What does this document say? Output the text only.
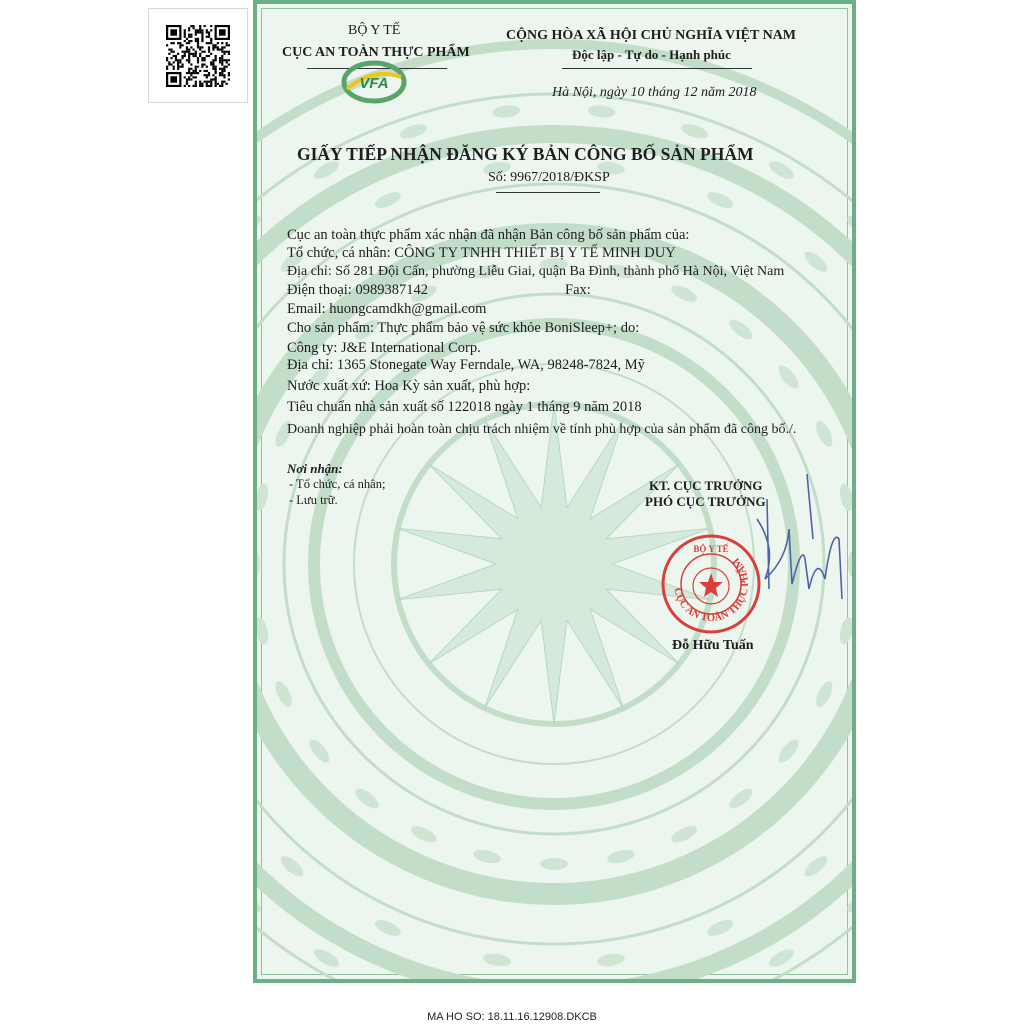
BỘ Y TẾ
CỤC AN TOÀN THỰC PHẨM
VFA
CỘNG HÒA XÃ HỘI CHỦ NGHĨA VIỆT NAM
Độc lập - Tự do - Hạnh phúc
Hà Nội, ngày 10 tháng 12 năm 2018
GIẤY TIẾP NHẬN ĐĂNG KÝ BẢN CÔNG BỐ SẢN PHẨM
Số: 9967/2018/ĐKSP
Cục an toàn thực phẩm xác nhận đã nhận Bản công bố sản phẩm của:
Tổ chức, cá nhân: CÔNG TY TNHH THIẾT BỊ Y TẾ MINH DUY
Địa chỉ: Số 281 Đội Cấn, phường Liễu Giai, quận Ba Đình, thành phố Hà Nội, Việt Nam
Điện thoại: 0989387142	Fax:
Email: huongcamdkh@gmail.com
Cho sản phẩm: Thực phẩm bảo vệ sức khỏe BoniSleep+; do:
Công ty: J&E International Corp.
Địa chỉ: 1365 Stonegate Way Ferndale, WA, 98248-7824, Mỹ
Nước xuất xứ: Hoa Kỳ sản xuất, phù hợp:
Tiêu chuẩn nhà sản xuất số 122018 ngày 1 tháng 9 năm 2018
Doanh nghiệp phải hoàn toàn chịu trách nhiệm về tính phù hợp của sản phẩm đã công bố./.
Nơi nhận:
- Tổ chức, cá nhân;
- Lưu trữ.
KT. CỤC TRƯỞNG
PHÓ CỤC TRƯỞNG
CỤC AN TOÀN THỰC PHẨM
BỘ Y TẾ
Đỗ Hữu Tuấn
MA HO SO: 18.11.16.12908.DKCB
